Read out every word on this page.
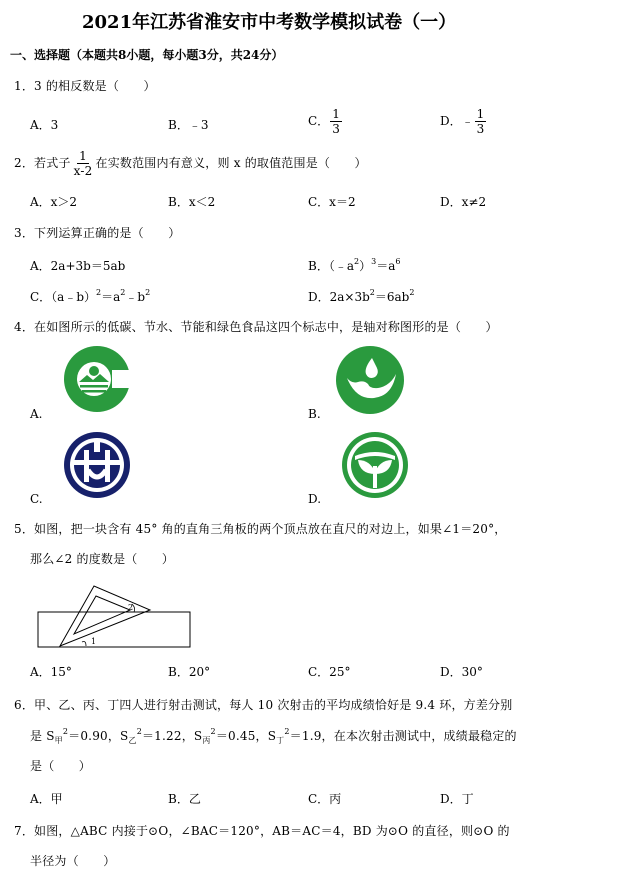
2021年江苏省淮安市中考数学模拟试卷（一）
一、选择题（本题共8小题，每小题3分，共24分）
1．3 的相反数是（　　）
A．3	B．﹣3	C． $\frac{1}{3}$	D．﹣ $\frac{1}{3}$
2．若式子 $\frac{1}{x-2}$ 在实数范围内有意义，则 x 的取值范围是（　　）
A．x＞2	B．x＜2	C．x＝2	D．x≠2
3．下列运算正确的是（　　）
A．2a+3b＝5ab	B．$(﹣a^2)^3=a^6$
C．$(a﹣b)^2=a^2﹣b^2$	D．$2a\times 3b^2=6ab^2$
4．在如图所示的低碳、节水、节能和绿色食品这四个标志中，是轴对称图形的是（　　）
A.	B.
C.	D.
5．如图，把一块含有 45° 角的直角三角板的两个顶点放在直尺的对边上，如果∠1＝20°，
那么∠2 的度数是（　　）
2
1
A．15°	B．20°	C．25°	D．30°
6．甲、乙、丙、丁四人进行射击测试，每人 10 次射击的平均成绩恰好是 9.4 环，方差分别
是 $S_甲^2=0.90$，$S_乙^2=1.22$，$S_丙^2=0.45$，$S_丁^2=1.9$，在本次射击测试中，成绩最稳定的
是（　　）
A．甲	B．乙	C．丙	D．丁
7．如图，△ABC 内接于⊙O，∠BAC＝120°，AB＝AC＝4，BD 为⊙O 的直径，则⊙O 的
半径为（　　）
